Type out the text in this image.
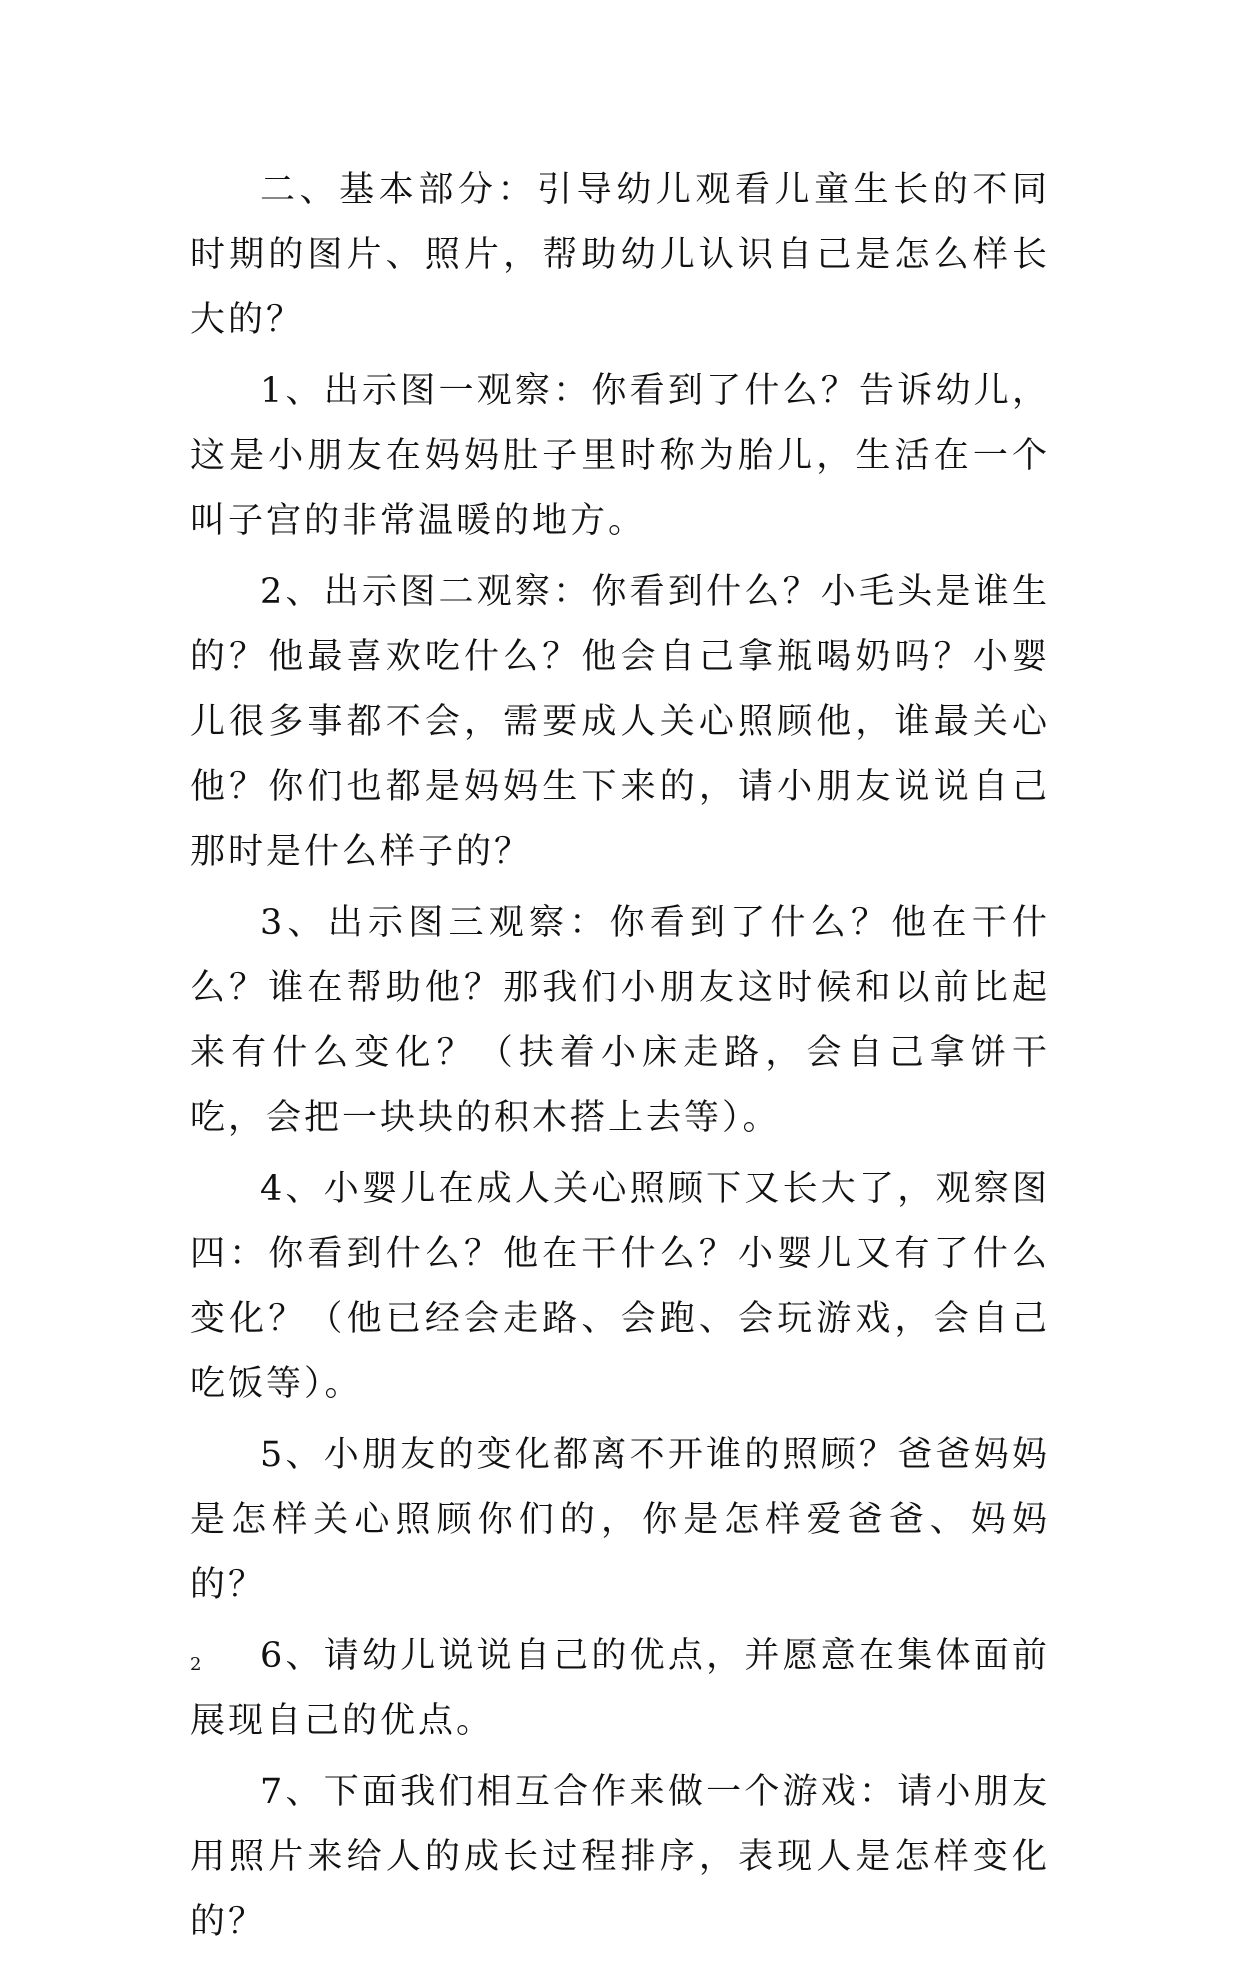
二、基本部分：引导幼儿观看儿童生长的不同时期的图片、照片，帮助幼儿认识自己是怎么样长大的？

1、出示图一观察：你看到了什么？告诉幼儿，这是小朋友在妈妈肚子里时称为胎儿，生活在一个叫子宫的非常温暖的地方。

2、出示图二观察：你看到什么？小毛头是谁生的？他最喜欢吃什么？他会自己拿瓶喝奶吗？小婴儿很多事都不会，需要成人关心照顾他，谁最关心他？你们也都是妈妈生下来的，请小朋友说说自己那时是什么样子的？

3、出示图三观察：你看到了什么？他在干什么？谁在帮助他？那我们小朋友这时候和以前比起来有什么变化？（扶着小床走路，会自己拿饼干吃，会把一块块的积木搭上去等）。

4、小婴儿在成人关心照顾下又长大了，观察图四：你看到什么？他在干什么？小婴儿又有了什么变化？（他已经会走路、会跑、会玩游戏，会自己吃饭等）。

5、小朋友的变化都离不开谁的照顾？爸爸妈妈是怎样关心照顾你们的，你是怎样爱爸爸、妈妈的？

6、请幼儿说说自己的优点，并愿意在集体面前展现自己的优点。

7、下面我们相互合作来做一个游戏：请小朋友用照片来给人的成长过程排序，表现人是怎样变化的？

2
